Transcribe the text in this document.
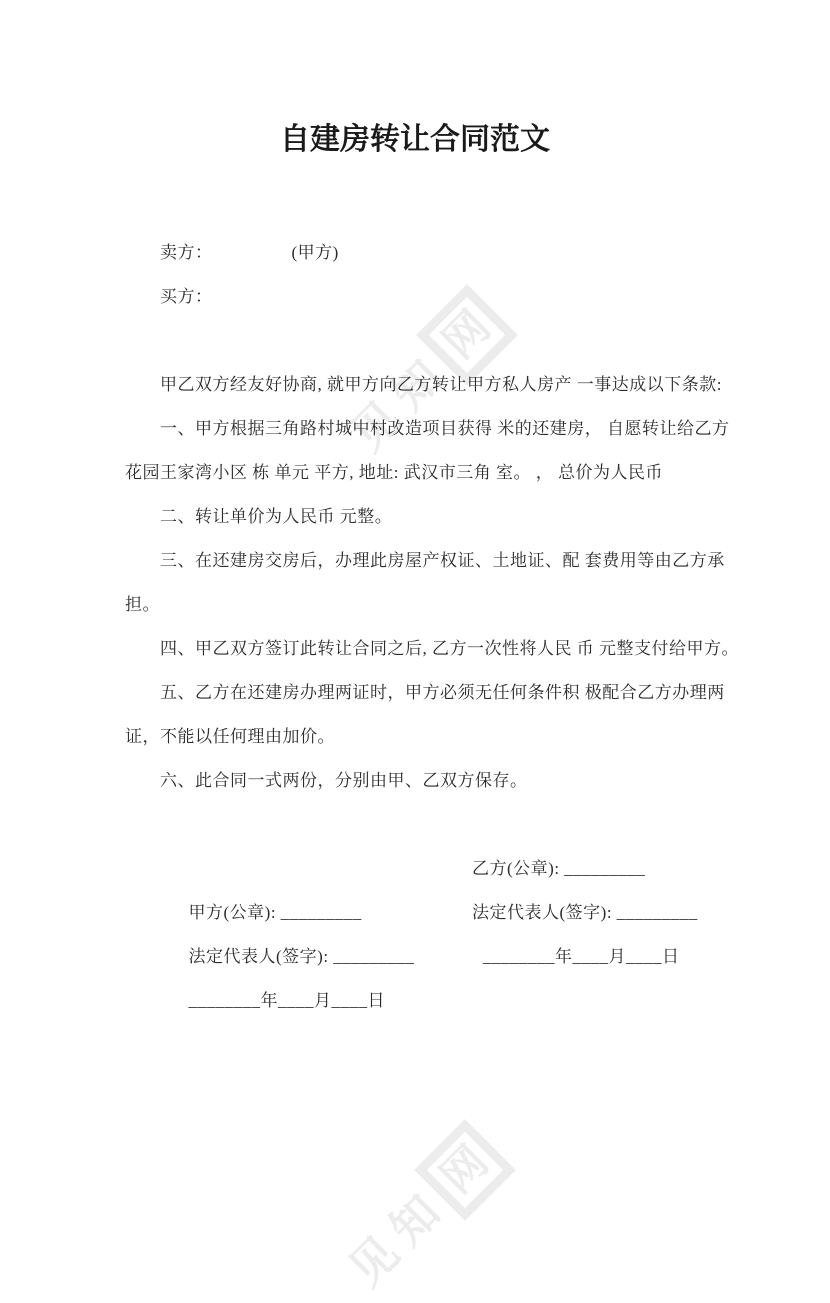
见
知
网
见
知
网
自建房转让合同范文
卖方：　　　　　(甲方)
买方：
甲乙双方经友好协商, 就甲方向乙方转让甲方私人房产 一事达成以下条款:
一、甲方根据三角路村城中村改造项目获得 米的还建房， 自愿转让给乙方
花园王家湾小区 栋 单元 平方, 地址: 武汉市三角 室。 ， 总价为人民币
二、转让单价为人民币 元整。
三、在还建房交房后，办理此房屋产权证、土地证、配 套费用等由乙方承
担。
四、甲乙双方签订此转让合同之后, 乙方一次性将人民 币 元整支付给甲方。
五、乙方在还建房办理两证时，甲方必须无任何条件积 极配合乙方办理两
证，不能以任何理由加价。
六、此合同一式两份，分别由甲、乙双方保存。

甲方(公章): _________

乙方(公章): _________

法定代表人(签字): _________

法定代表人(签字): _________

________年____月____日

________年____月____日
